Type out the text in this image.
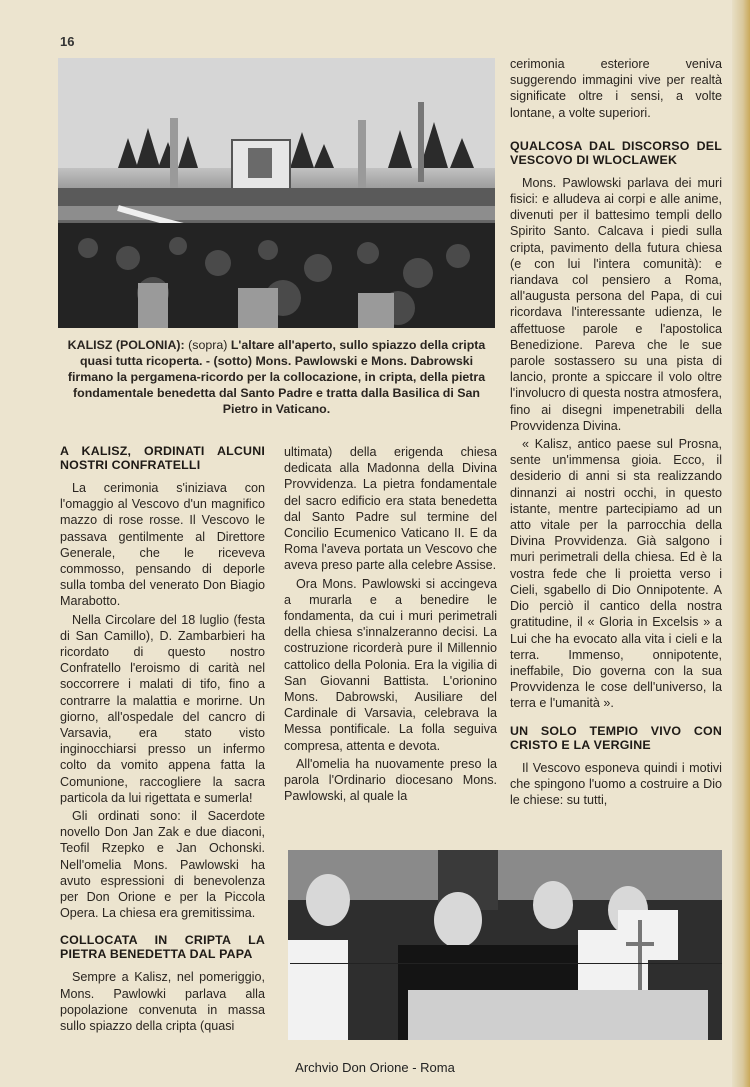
16
KALISZ (POLONIA): (sopra) L'altare all'aperto, sullo spiazzo della cripta quasi tutta ricoperta. - (sotto) Mons. Pawlowski e Mons. Dabrowski firmano la pergamena-ricordo per la collocazione, in cripta, della pietra fondamentale benedetta dal Santo Padre e tratta dalla Basilica di San Pietro in Vaticano.
A KALISZ, ORDINATI ALCUNI NOSTRI CONFRATELLI

La cerimonia s'iniziava con l'omaggio al Vescovo d'un magnifico mazzo di rose rosse. Il Vescovo le passava gentilmente al Direttore Generale, che le riceveva commosso, pensando di deporle sulla tomba del venerato Don Biagio Marabotto.

Nella Circolare del 18 luglio (festa di San Camillo), D. Zambarbieri ha ricordato di questo nostro Confratello l'eroismo di carità nel soccorrere i malati di tifo, fino a contrarre la malattia e morirne. Un giorno, all'ospedale del cancro di Varsavia, era stato visto inginocchiarsi presso un infermo colto da vomito appena fatta la Comunione, raccogliere la sacra particola da lui rigettata e sumerla!

Gli ordinati sono: il Sacerdote novello Don Jan Zak e due diaconi, Teofil Rzepko e Jan Ochonski. Nell'omelia Mons. Pawlowski ha avuto espressioni di benevolenza per Don Orione e per la Piccola Opera. La chiesa era gremitissima.

COLLOCATA IN CRIPTA LA PIETRA BENEDETTA DAL PAPA

Sempre a Kalisz, nel pomeriggio, Mons. Pawlowki parlava alla popolazione convenuta in massa sullo spiazzo della cripta (quasi

ultimata) della erigenda chiesa dedicata alla Madonna della Divina Provvidenza. La pietra fondamentale del sacro edificio era stata benedetta dal Santo Padre sul termine del Concilio Ecumenico Vaticano II. E da Roma l'aveva portata un Vescovo che aveva preso parte alla celebre Assise.

Ora Mons. Pawlowski si accingeva a murarla e a benedire le fondamenta, da cui i muri perimetrali della chiesa s'innalzeranno decisi. La costruzione ricorderà pure il Millennio cattolico della Polonia. Era la vigilia di San Giovanni Battista. L'orionino Mons. Dabrowski, Ausiliare del Cardinale di Varsavia, celebrava la Messa pontificale. La folla seguiva compresa, attenta e devota.

All'omelia ha nuovamente preso la parola l'Ordinario diocesano Mons. Pawlowski, al quale la

cerimonia esteriore veniva suggerendo immagini vive per realtà significate oltre i sensi, a volte lontane, a volte superiori.

QUALCOSA DAL DISCORSO DEL VESCOVO DI WLOCLAWEK

Mons. Pawlowski parlava dei muri fisici: e alludeva ai corpi e alle anime, divenuti per il battesimo templi dello Spirito Santo. Calcava i piedi sulla cripta, pavimento della futura chiesa (e con lui l'intera comunità): e riandava col pensiero a Roma, all'augusta persona del Papa, di cui ricordava l'interessante udienza, le affettuose parole e l'apostolica Benedizione. Pareva che le sue parole sostassero su una pista di lancio, pronte a spiccare il volo oltre l'involucro di questa nostra atmosfera, fino ai disegni impenetrabili della Provvidenza Divina.

« Kalisz, antico paese sul Prosna, sente un'immensa gioia. Ecco, il desiderio di anni si sta realizzando dinnanzi ai nostri occhi, in questo istante, mentre partecipiamo ad un atto vitale per la parrocchia della Divina Provvidenza. Già salgono i muri perimetrali della chiesa. Ed è la vostra fede che li proietta verso i Cieli, sgabello di Dio Onnipotente. A Dio perciò il cantico della nostra gratitudine, il « Gloria in Excelsis » a Lui che ha evocato alla vita i cieli e la terra. Immenso, onnipotente, ineffabile, Dio governa con la sua Provvidenza le cose dell'universo, la terra e l'umanità ».

UN SOLO TEMPIO VIVO CON CRISTO E LA VERGINE

Il Vescovo esponeva quindi i motivi che spingono l'uomo a costruire a Dio le chiese: su tutti,

Archvio Don Orione - Roma
